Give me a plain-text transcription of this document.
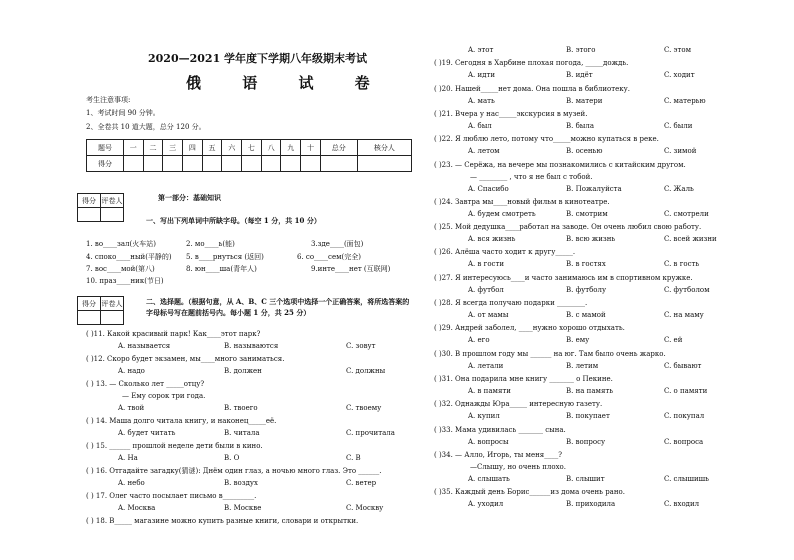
2020—2021 学年度下学期八年级期末考试
俄 语 试 卷
考生注意事项:
1、考试时间 90 分钟。
2、全卷共 10 道大题，总分 120 分。
题号	一	二	三	四	五	六	七	八	九	十	总分	核分人
得分												
得分	评卷人
		第一部分：基础知识
一、写出下列单词中所缺字母。（每空 1 分，共 10 分）
1. во____зал(火车站)	2. мо____ь(能)	3.зде____(面包)
4. споко____ный(平静的) 5. в____рнуться (返回)	6. со____сем(完全)
7. вос____мой(第八)	8. юн____ша(青年人)	9.инте____нет (互联网)
10. праз____ник(节日)
得分	评卷人
		二、选择题。（根据句意，从 A、B、C 三个选项中选择一个正确答案，将所选答案的字母标号写在题前括号内。每小题 1 分，共 25 分）
( )11. Какой красивый парк! Как____этот парк?
A. называется	B. называются	C. зовут
( )12. Скоро будет экзамен, мы____много заниматься.
A. надо	B. должен	C. должны
( ) 13. — Сколько лет _____отцу?
— Ему сорок три года.
A. твой	B. твоего	C. твоему
( ) 14. Маша долго читала книгу, и наконец_____её.
A. будет читать	B. читала	C. прочитала
( ) 15. ______ прошлой неделе дети были в кино.
A. На	B. О	C. В
( ) 16. Отгадайте загадку(猜谜): Днём один глаз, а ночью много глаз. Это ______.
A. небо	B. воздух	C. ветер
( ) 17. Олег часто посылает письмо в_________.
A. Москва	B. Москве	C. Москву
( ) 18. В_____ магазине можно купить разные книги, словари и открытки.
A. этот	B. этого	C. этом
( )19. Сегодня в Харбине плохая погода, _____дождь.
A. идти	B. идёт	C. ходит
( )20. Нашей_____нет дома. Она пошла в библиотеку.
A. мать	B. матери	C. матерью
( )21. Вчера у нас_____экскурсия в музей.
A. был	B. была	C. были
( )22. Я люблю лето, потому что_____можно купаться в реке.
A. летом	B. осенью	C. зимой
( )23. — Серёжа, на вечере мы познакомились с китайским другом.
— ________ , что я не был с тобой.
A. Спасибо	B. Пожалуйста	C. Жаль
( )24. Завтра мы____новый фильм в кинотеатре.
A. будем смотреть	B. смотрим	C. смотрели
( )25. Мой дедушка____работал на заводе. Он очень любил свою работу.
A. вся жизнь	B. всю жизнь	C. всей жизни
( )26. Алёша часто ходит к другу_____.
A. в гости	B. в гостях	C. в гость
( )27. Я интересуюсь____и часто занимаюсь им в спортивном кружке.
A. футбол	B. футболу	C. футболом
( )28. Я всегда получаю подарки ________.
A. от мамы	B. с мамой	C. на маму
( )29. Андрей заболел, ____нужно хорошо отдыхать.
A. его	B. ему	C. ей
( )30. В прошлом году мы ______ на юг. Там было очень жарко.
A. летали	B. летим	C. бывают
( )31. Она подарила мне книгу _______ о Пекине.
A. в памяти	B. на память	C. о памяти
( )32. Однажды Юра_____ интересную газету.
A. купил	B. покупает	C. покупал
( )33. Мама удивилась _______ сына.
A. вопросы	B. вопросу	C. вопроса
( )34. — Алло, Игорь, ты меня____?
—Слышу, но очень плохо.
A. слышать	B. слышит	C. слышишь
( )35. Каждый день Борис______из дома очень рано.
A. уходил	B. приходила	C. входил
